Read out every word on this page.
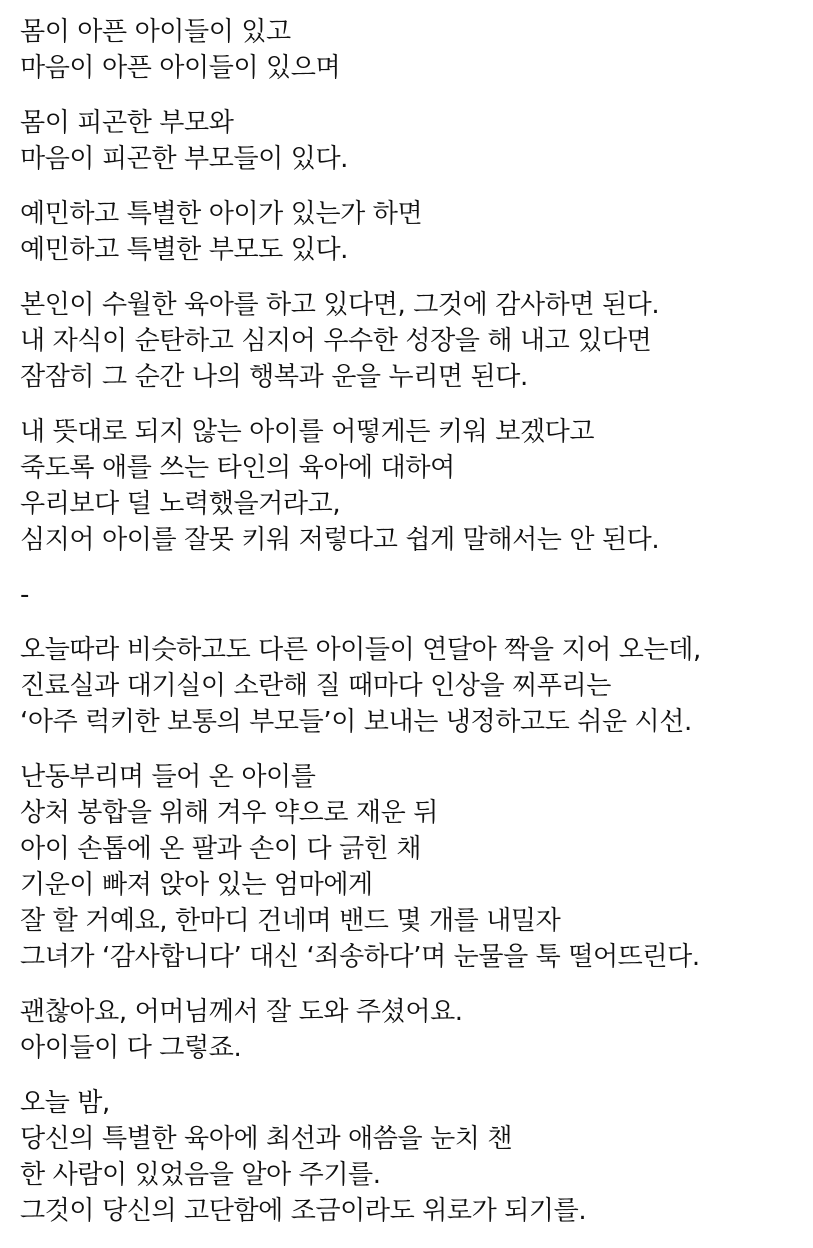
몸이 아픈 아이들이 있고
마음이 아픈 아이들이 있으며
몸이 피곤한 부모와
마음이 피곤한 부모들이 있다.
예민하고 특별한 아이가 있는가 하면
예민하고 특별한 부모도 있다.
본인이 수월한 육아를 하고 있다면, 그것에 감사하면 된다.
내 자식이 순탄하고 심지어 우수한 성장을 해 내고 있다면
잠잠히 그 순간 나의 행복과 운을 누리면 된다.
내 뜻대로 되지 않는 아이를 어떻게든 키워 보겠다고
죽도록 애를 쓰는 타인의 육아에 대하여
우리보다 덜 노력했을거라고,
심지어 아이를 잘못 키워 저렇다고 쉽게 말해서는 안 된다.
-
오늘따라 비슷하고도 다른 아이들이 연달아 짝을 지어 오는데,
진료실과 대기실이 소란해 질 때마다 인상을 찌푸리는
‘아주 럭키한 보통의 부모들’이 보내는 냉정하고도 쉬운 시선.
난동부리며 들어 온 아이를
상처 봉합을 위해 겨우 약으로 재운 뒤
아이 손톱에 온 팔과 손이 다 긁힌 채
기운이 빠져 앉아 있는 엄마에게
잘 할 거예요, 한마디 건네며 밴드 몇 개를 내밀자
그녀가 ‘감사합니다’ 대신 ‘죄송하다’며 눈물을 툭 떨어뜨린다.
괜찮아요, 어머님께서 잘 도와 주셨어요.
아이들이 다 그렇죠.
오늘 밤,
당신의 특별한 육아에 최선과 애씀을 눈치 챈
한 사람이 있었음을 알아 주기를.
그것이 당신의 고단함에 조금이라도 위로가 되기를.
